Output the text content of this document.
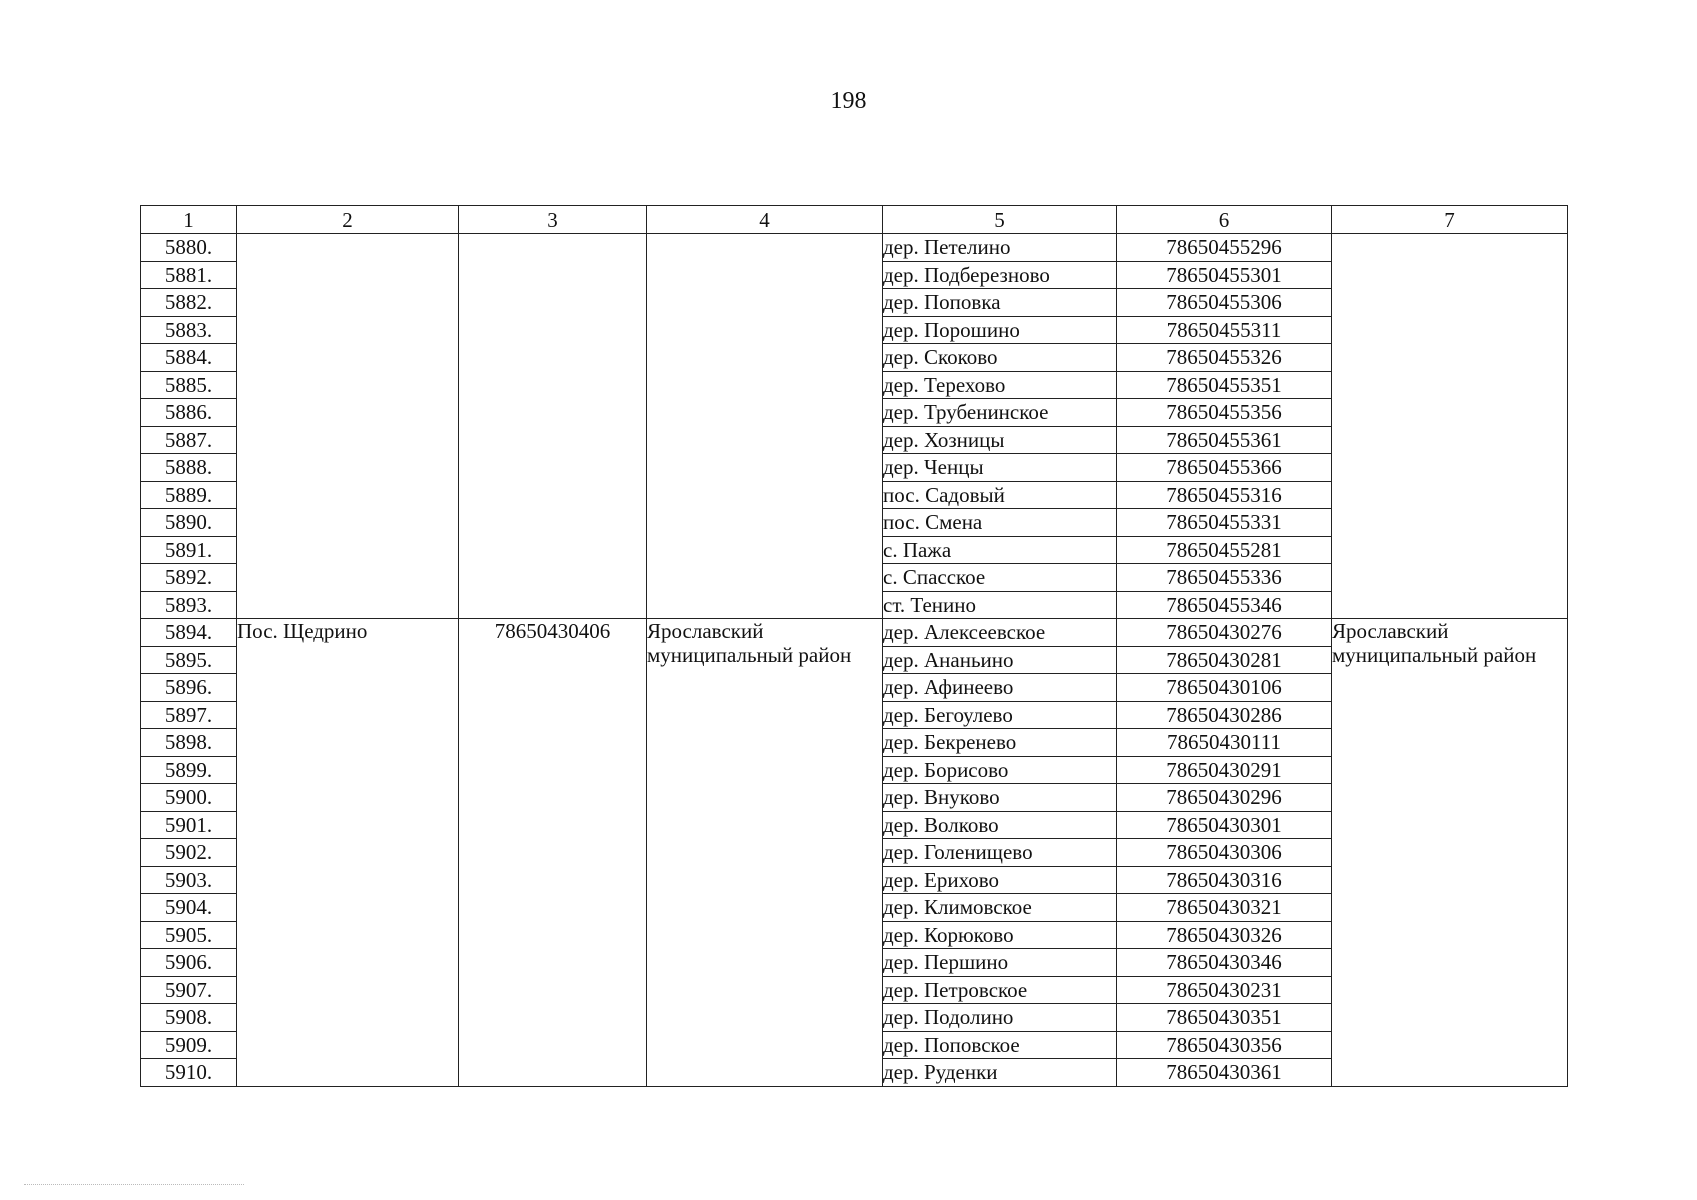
198
1	2	3	4	5	6	7
5880.				дер. Петелино	78650455296	
5881.				дер. Подберезново	78650455301	
5882.				дер. Поповка	78650455306	
5883.				дер. Порошино	78650455311	
5884.				дер. Скоково	78650455326	
5885.				дер. Терехово	78650455351	
5886.				дер. Трубенинское	78650455356	
5887.				дер. Хозницы	78650455361	
5888.				дер. Ченцы	78650455366	
5889.				пос. Садовый	78650455316	
5890.				пос. Смена	78650455331	
5891.				с. Пажа	78650455281	
5892.				с. Спасское	78650455336	
5893.				ст. Тенино	78650455346	
5894.	Пос. Щедрино	78650430406	Ярославский муниципальный район	дер. Алексеевское	78650430276	Ярославский муниципальный район
5895.				дер. Ананьино	78650430281	
5896.				дер. Афинеево	78650430106	
5897.				дер. Бегоулево	78650430286	
5898.				дер. Бекренево	78650430111	
5899.				дер. Борисово	78650430291	
5900.				дер. Внуково	78650430296	
5901.				дер. Волково	78650430301	
5902.				дер. Голенищево	78650430306	
5903.				дер. Ерихово	78650430316	
5904.				дер. Климовское	78650430321	
5905.				дер. Корюково	78650430326	
5906.				дер. Першино	78650430346	
5907.				дер. Петровское	78650430231	
5908.				дер. Подолино	78650430351	
5909.				дер. Поповское	78650430356	
5910.				дер. Руденки	78650430361	
